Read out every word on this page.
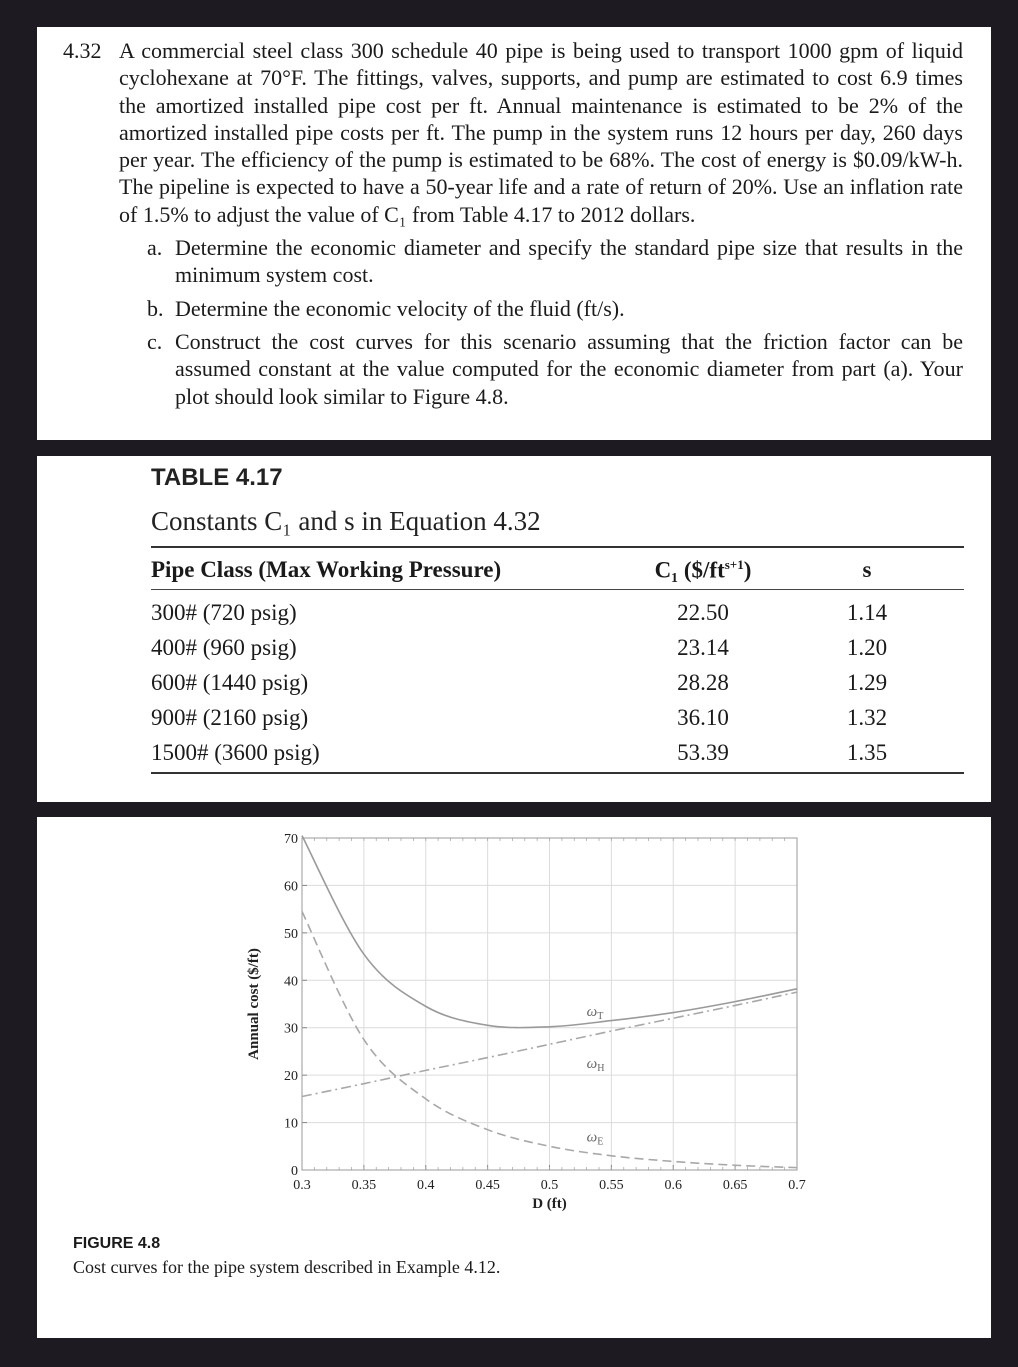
4.32 A commercial steel class 300 schedule 40 pipe is being used to transport 1000 gpm of liquid cyclohexane at 70°F. The fittings, valves, supports, and pump are estimated to cost 6.9 times the amortized installed pipe cost per ft. Annual maintenance is estimated to be 2% of the amortized installed pipe costs per ft. The pump in the system runs 12 hours per day, 260 days per year. The efficiency of the pump is estimated to be 68%. The cost of energy is $0.09/kW-h. The pipeline is expected to have a 50-year life and a rate of return of 20%. Use an inflation rate of 1.5% to adjust the value of C₁ from Table 4.17 to 2012 dollars.
a. Determine the economic diameter and specify the standard pipe size that results in the minimum system cost.
b. Determine the economic velocity of the fluid (ft/s).
c. Construct the cost curves for this scenario assuming that the friction factor can be assumed constant at the value computed for the economic diameter from part (a). Your plot should look similar to Figure 4.8.
TABLE 4.17
Constants C₁ and s in Equation 4.32
Pipe Class (Max Working Pressure)	C₁ $(\$/ft^{s+1})$	s
300# (720 psig)	22.50	1.14
400# (960 psig)	23.14	1.20
600# (1440 psig)	28.28	1.29
900# (2160 psig)	36.10	1.32
1500# (3600 psig)	53.39	1.35
0.3	0.35	0.4	0.45	0.5	0.55	0.6	0.65	0.7
0
10
20
30
40
50
60
70
$\omega_T$
$\omega_H$
$\omega_E$
D (ft)
Annual cost ($/ft)
FIGURE 4.8
Cost curves for the pipe system described in Example 4.12.
